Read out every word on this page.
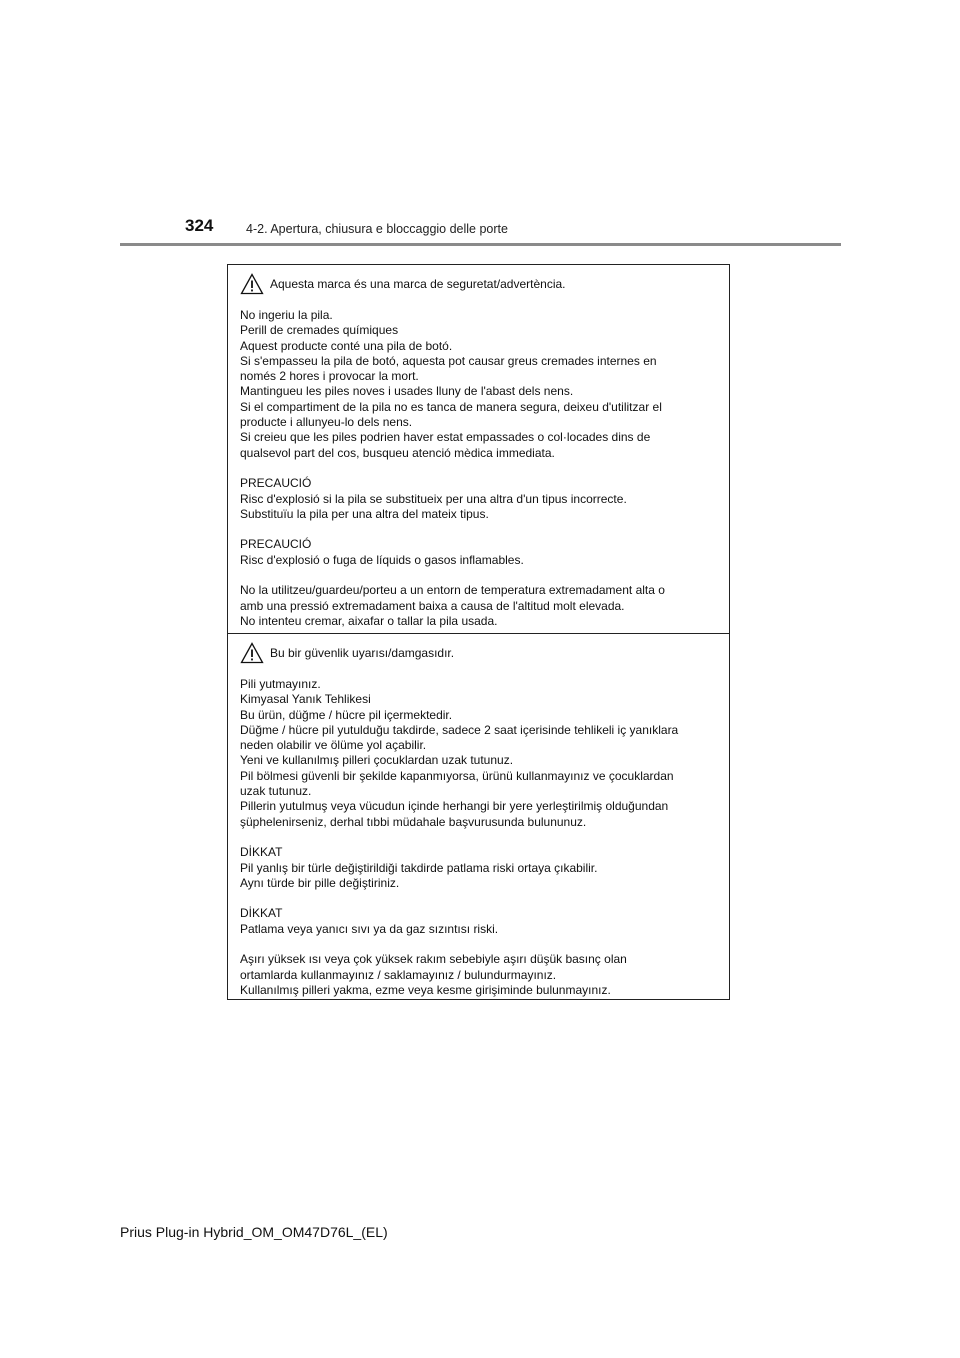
324	4-2. Apertura, chiusura e bloccaggio delle porte
Aquesta marca és una marca de seguretat/advertència.
No ingeriu la pila.
Perill de cremades químiques
Aquest producte conté una pila de botó.
Si s'empasseu la pila de botó, aquesta pot causar greus cremades internes en
només 2 hores i provocar la mort.
Mantingueu les piles noves i usades lluny de l'abast dels nens.
Si el compartiment de la pila no es tanca de manera segura, deixeu d'utilitzar el
producte i allunyeu-lo dels nens.
Si creieu que les piles podrien haver estat empassades o col·locades dins de
qualsevol part del cos, busqueu atenció mèdica immediata.
PRECAUCIÓ
Risc d'explosió si la pila se substitueix per una altra d'un tipus incorrecte.
Substituïu la pila per una altra del mateix tipus.
PRECAUCIÓ
Risc d'explosió o fuga de líquids o gasos inflamables.
No la utilitzeu/guardeu/porteu a un entorn de temperatura extremadament alta o
amb una pressió extremadament baixa a causa de l'altitud molt elevada.
No intenteu cremar, aixafar o tallar la pila usada.
Bu bir güvenlik uyarısı/damgasıdır.
Pili yutmayınız.
Kimyasal Yanık Tehlikesi
Bu ürün, düğme / hücre pil içermektedir.
Düğme / hücre pil yutulduğu takdirde, sadece 2 saat içerisinde tehlikeli iç yanıklara
neden olabilir ve ölüme yol açabilir.
Yeni ve kullanılmış pilleri çocuklardan uzak tutunuz.
Pil bölmesi güvenli bir şekilde kapanmıyorsa, ürünü kullanmayınız ve çocuklardan
uzak tutunuz.
Pillerin yutulmuş veya vücudun içinde herhangi bir yere yerleştirilmiş olduğundan
şüphelenirseniz, derhal tıbbi müdahale başvurusunda bulununuz.
DİKKAT
Pil yanlış bir türle değiştirildiği takdirde patlama riski ortaya çıkabilir.
Aynı türde bir pille değiştiriniz.
DİKKAT
Patlama veya yanıcı sıvı ya da gaz sızıntısı riski.
Aşırı yüksek ısı veya çok yüksek rakım sebebiyle aşırı düşük basınç olan
ortamlarda kullanmayınız / saklamayınız / bulundurmayınız.
Kullanılmış pilleri yakma, ezme veya kesme girişiminde bulunmayınız.
Prius Plug-in Hybrid_OM_OM47D76L_(EL)
